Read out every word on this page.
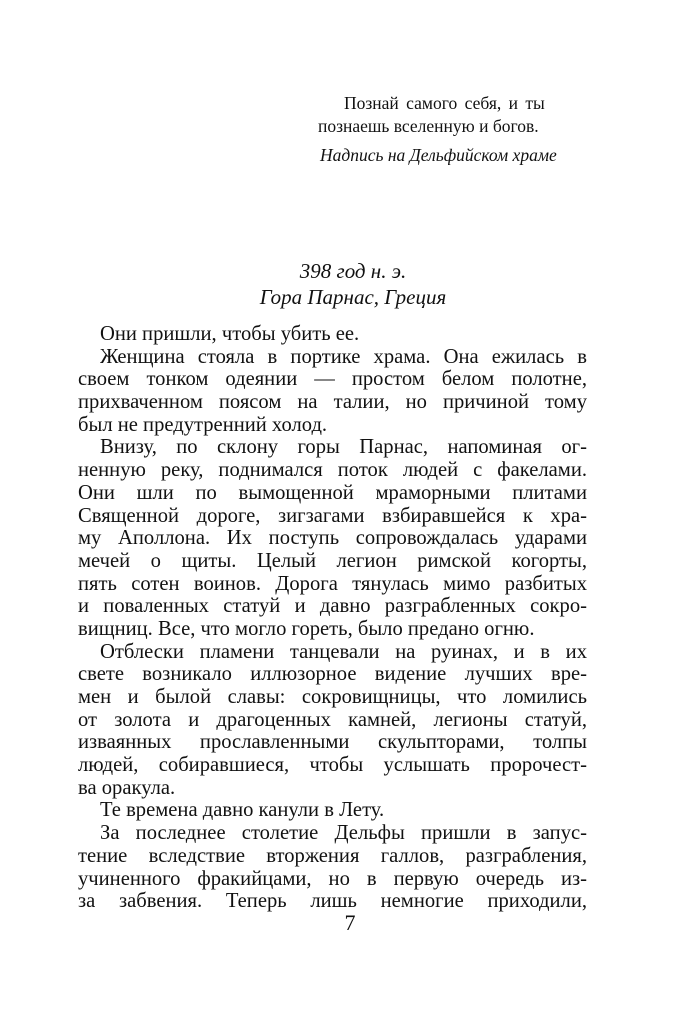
Познай самого себя, и ты
познаешь вселенную и богов.
Надпись на Дельфийском храме
398 год н. э.
Гора Парнас, Греция
Они пришли, чтобы убить ее.
Женщина стояла в портике храма. Она ежилась в
своем тонком одеянии — простом белом полотне,
прихваченном поясом на талии, но причиной тому
был не предутренний холод.
Внизу, по склону горы Парнас, напоминая ог-
ненную реку, поднимался поток людей с факелами.
Они шли по вымощенной мраморными плитами
Священной дороге, зигзагами взбиравшейся к хра-
му Аполлона. Их поступь сопровождалась ударами
мечей о щиты. Целый легион римской когорты,
пять сотен воинов. Дорога тянулась мимо разбитых
и поваленных статуй и давно разграбленных сокро-
вищниц. Все, что могло гореть, было предано огню.
Отблески пламени танцевали на руинах, и в их
свете возникало иллюзорное видение лучших вре-
мен и былой славы: сокровищницы, что ломились
от золота и драгоценных камней, легионы статуй,
изваянных прославленными скульпторами, толпы
людей, собиравшиеся, чтобы услышать пророчест-
ва оракула.
Те времена давно канули в Лету.
За последнее столетие Дельфы пришли в запус-
тение вследствие вторжения галлов, разграбления,
учиненного фракийцами, но в первую очередь из-
за забвения. Теперь лишь немногие приходили,
7
